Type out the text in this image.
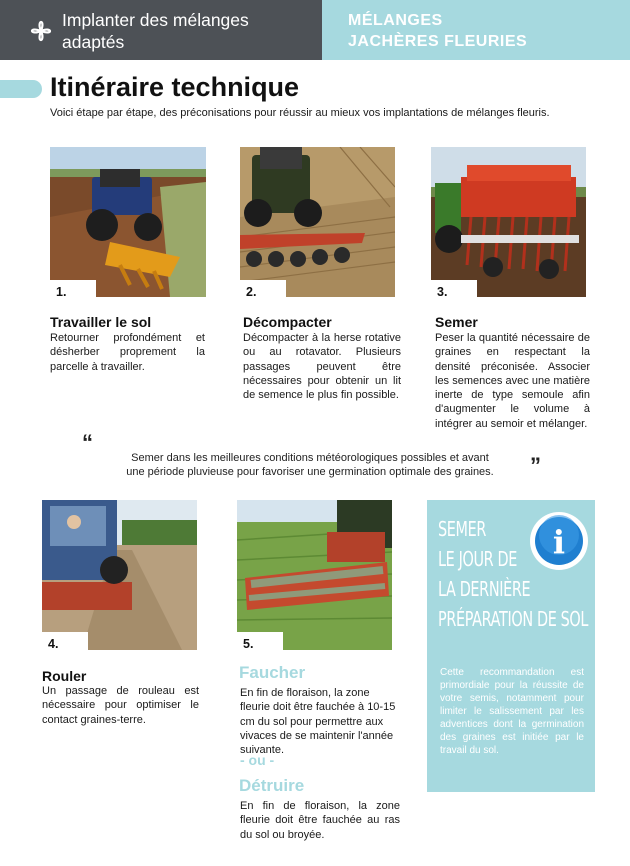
Implanter des mélanges
adaptés
MÉLANGES
JACHÈRES FLEURIES
Itinéraire technique
Voici étape par étape, des préconisations pour réussir au mieux vos implantations de mélanges fleuris.
1.
Travailler le sol
Retourner profondément et désherber proprement la parcelle à travailler.
2.
Décompacter
Décompacter à la herse rotative ou au rotavator. Plusieurs passages peuvent être nécessaires pour obtenir un lit de semence le plus fin possible.
3.
Semer
Peser la quantité nécessaire de graines en respectant la densité préconisée. Associer les semences avec une matière inerte de type semoule afin d'augmenter le volume à intégrer au semoir et mélanger.
“
Semer dans les meilleures conditions météorologiques possibles et avant
une période pluvieuse pour favoriser une germination optimale des graines.	”
4.
Rouler
Un passage de rouleau est nécessaire pour optimiser le contact graines-terre.
5.
Faucher
En fin de floraison, la zone fleurie doit être fauchée à 10-15 cm du sol pour permettre aux vivaces de se maintenir l'année suivante.
- ou -
Détruire
En fin de floraison, la zone fleurie doit être fauchée au ras du sol ou broyée.
SEMER
LE JOUR DE
LA DERNIÈRE
PRÉPARATION DE SOL
i
Cette recommandation est primordiale pour la réussite de votre semis, notamment pour limiter le salissement par les adventices dont la germination des graines est initiée par le travail du sol.
